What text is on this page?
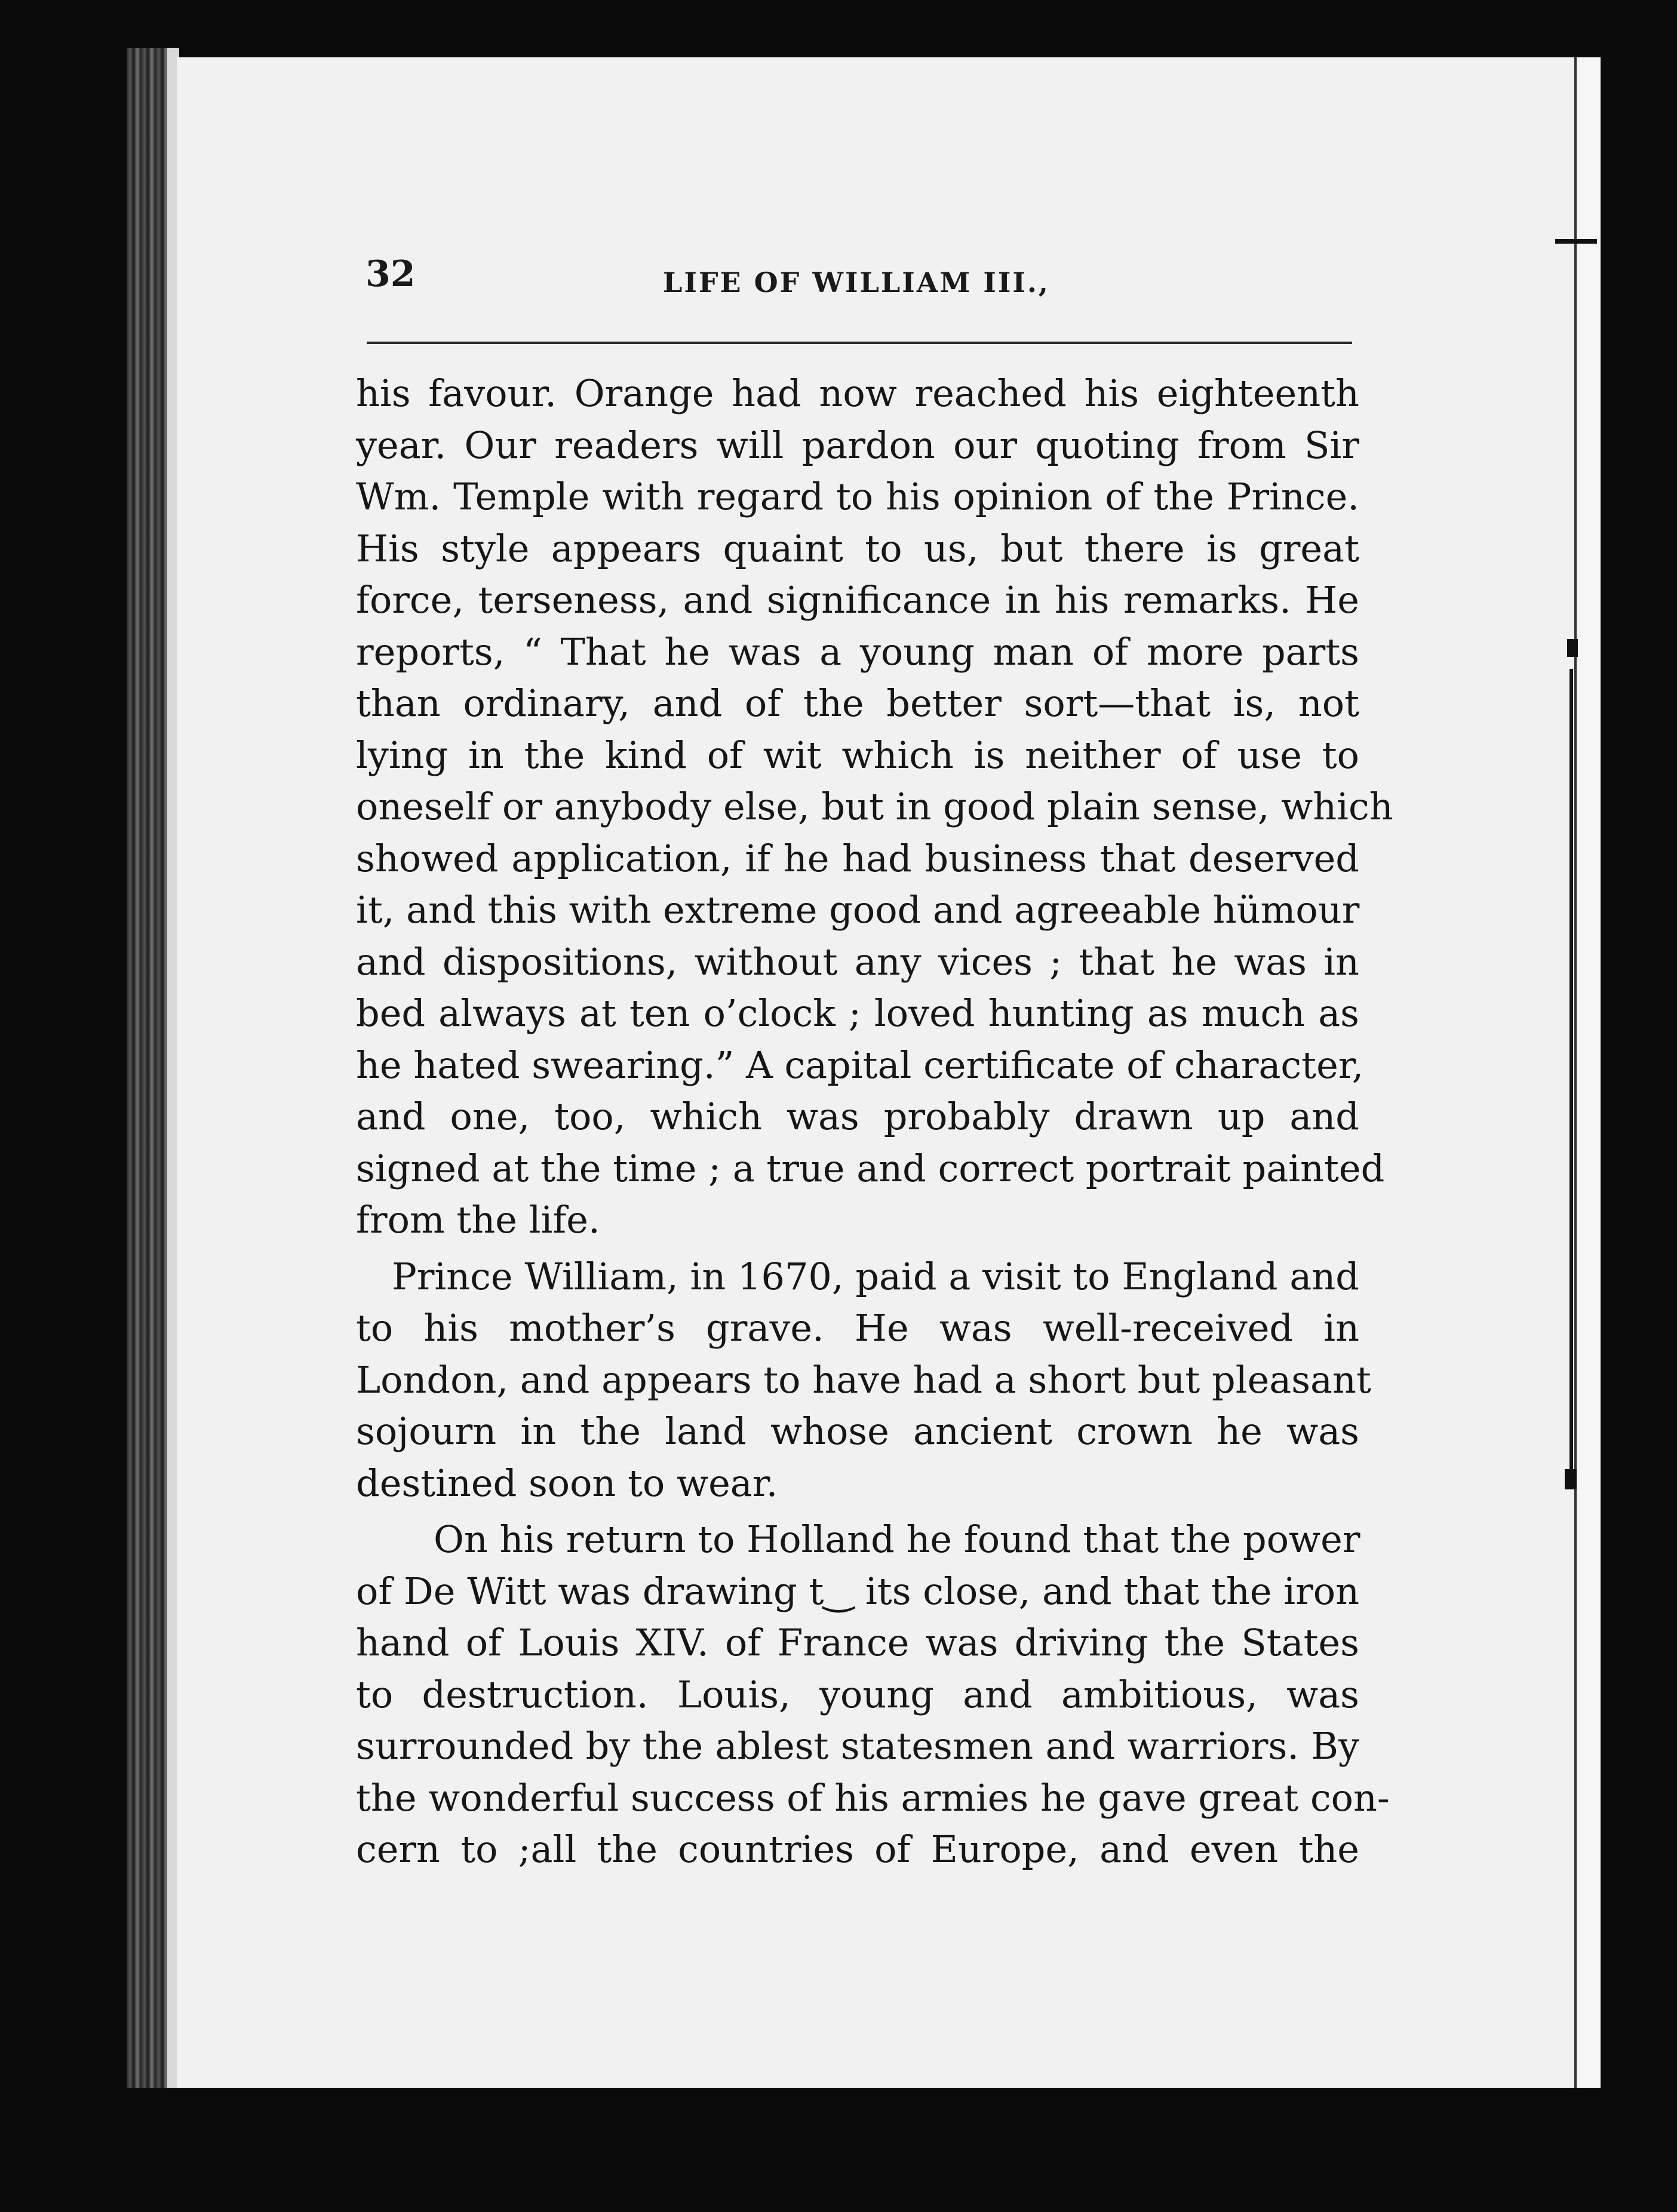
32	LIFE OF WILLIAM III.,
his favour. Orange had now reached his eighteenth
year. Our readers will pardon our quoting from Sir
Wm. Temple with regard to his opinion of the Prince.
His style appears quaint to us, but there is great
force, terseness, and significance in his remarks. He
reports, “ That he was a young man of more parts
than ordinary, and of the better sort—that is, not
lying in the kind of wit which is neither of use to
oneself or anybody else, but in good plain sense, which
showed application, if he had business that deserved
it, and this with extreme good and agreeable hümour
and dispositions, without any vices ; that he was in
bed always at ten o’clock ; loved hunting as much as
he hated swearing.” A capital certificate of character,
and one, too, which was probably drawn up and
signed at the time ; a true and correct portrait painted
from the life.
Prince William, in 1670, paid a visit to England and
to his mother’s grave. He was well-received in
London, and appears to have had a short but pleasant
sojourn in the land whose ancient crown he was
destined soon to wear.
On his return to Holland he found that the power
of De Witt was drawing t‿ its close, and that the iron
hand of Louis XIV. of France was driving the States
to destruction. Louis, young and ambitious, was
surrounded by the ablest statesmen and warriors. By
the wonderful success of his armies he gave great con-
cern to ;all the countries of Europe, and even the
